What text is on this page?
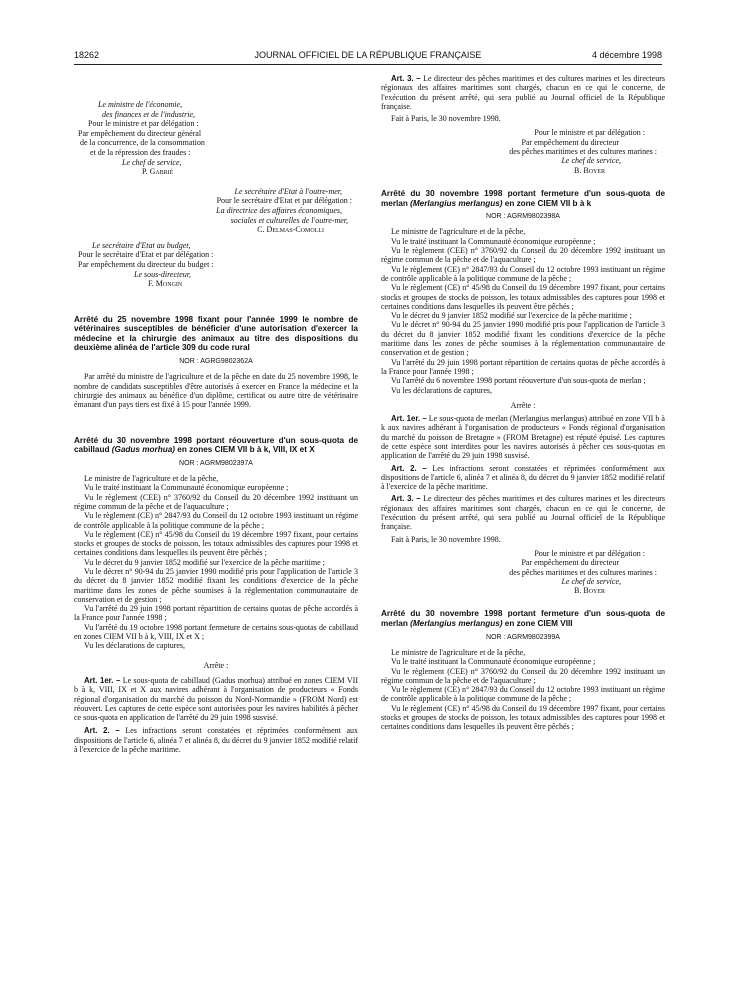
18262	JOURNAL OFFICIEL DE LA RÉPUBLIQUE FRANÇAISE	4 décembre 1998
Le ministre de l'économie,
des finances et de l'industrie,
Pour le ministre et par délégation :
Par empêchement du directeur général
de la concurrence, de la consommation
et de la répression des fraudes :
Le chef de service,
P. Gabrié
Le secrétaire d'Etat à l'outre-mer,
Pour le secrétaire d'Etat et par délégation :
La directrice des affaires économiques,
sociales et culturelles de l'outre-mer,
C. Delmas-Comolli
Le secrétaire d'Etat au budget,
Pour le secrétaire d'Etat et par délégation :
Par empêchement du directeur du budget :
Le sous-directeur,
F. Mongin

Arrêté du 25 novembre 1998 fixant pour l'année 1999 le nombre de vétérinaires susceptibles de bénéficier d'une autorisation d'exercer la médecine et la chirurgie des animaux au titre des dispositions du deuxième alinéa de l'article 309 du code rural

NOR : AGRG9802362A

Par arrêté du ministre de l'agriculture et de la pêche en date du 25 novembre 1998, le nombre de candidats susceptibles d'être autorisés à exercer en France la médecine et la chirurgie des animaux au bénéfice d'un diplôme, certificat ou autre titre de vétérinaire émanant d'un pays tiers est fixé à 15 pour l'année 1999.

Arrêté du 30 novembre 1998 portant réouverture d'un sous-quota de cabillaud (Gadus morhua) en zones CIEM VII b à k, VIII, IX et X

NOR : AGRM9802397A

Le ministre de l'agriculture et de la pêche,

Vu le traité instituant la Communauté économique européenne ;

Vu le règlement (CEE) n° 3760/92 du Conseil du 20 décembre 1992 instituant un régime commun de la pêche et de l'aquaculture ;

Vu le règlement (CE) n° 2847/93 du Conseil du 12 octobre 1993 instituant un régime de contrôle applicable à la politique commune de la pêche ;

Vu le règlement (CE) n° 45/98 du Conseil du 19 décembre 1997 fixant, pour certains stocks et groupes de stocks de poisson, les totaux admissibles des captures pour 1998 et certaines conditions dans lesquelles ils peuvent être pêchés ;

Vu le décret du 9 janvier 1852 modifié sur l'exercice de la pêche maritime ;

Vu le décret n° 90-94 du 25 janvier 1990 modifié pris pour l'application de l'article 3 du décret du 8 janvier 1852 modifié fixant les conditions d'exercice de la pêche maritime dans les zones de pêche soumises à la réglementation communautaire de conservation et de gestion ;

Vu l'arrêté du 29 juin 1998 portant répartition de certains quotas de pêche accordés à la France pour l'année 1998 ;

Vu l'arrêté du 19 octobre 1998 portant fermeture de certains sous-quotas de cabillaud en zones CIEM VII b à k, VIII, IX et X ;

Vu les déclarations de captures,

Arrête :

Art. 1er. – Le sous-quota de cabillaud (Gadus morhua) attribué en zones CIEM VII b à k, VIII, IX et X aux navires adhérant à l'organisation de producteurs « Fonds régional d'organisation du marché du poisson du Nord-Normandie » (FROM Nord) est réouvert. Les captures de cette espèce sont autorisées pour les navires habilités à pêcher ce sous-quota en application de l'arrêté du 29 juin 1998 susvisé.

Art. 2. – Les infractions seront constatées et réprimées conformément aux dispositions de l'article 6, alinéa 7 et alinéa 8, du décret du 9 janvier 1852 modifié relatif à l'exercice de la pêche maritime.

Art. 3. – Le directeur des pêches maritimes et des cultures marines et les directeurs régionaux des affaires maritimes sont chargés, chacun en ce qui le concerne, de l'exécution du présent arrêté, qui sera publié au Journal officiel de la République française.

Fait à Paris, le 30 novembre 1998.

Pour le ministre et par délégation :
Par empêchement du directeur
des pêches maritimes et des cultures marines :
Le chef de service,
B. Boyer

Arrêté du 30 novembre 1998 portant fermeture d'un sous-quota de merlan (Merlangius merlangus) en zone CIEM VII b à k

NOR : AGRM9802398A

Le ministre de l'agriculture et de la pêche,

Vu le traité instituant la Communauté économique européenne ;

Vu le règlement (CEE) n° 3760/92 du Conseil du 20 décembre 1992 instituant un régime commun de la pêche et de l'aquaculture ;

Vu le règlement (CE) n° 2847/93 du Conseil du 12 octobre 1993 instituant un régime de contrôle applicable à la politique commune de la pêche ;

Vu le règlement (CE) n° 45/98 du Conseil du 19 décembre 1997 fixant, pour certains stocks et groupes de stocks de poisson, les totaux admissibles des captures pour 1998 et certaines conditions dans lesquelles ils peuvent être pêchés ;

Vu le décret du 9 janvier 1852 modifié sur l'exercice de la pêche maritime ;

Vu le décret n° 90-94 du 25 janvier 1990 modifié pris pour l'application de l'article 3 du décret du 8 janvier 1852 modifié fixant les conditions d'exercice de la pêche maritime dans les zones de pêche soumises à la réglementation communautaire de conservation et de gestion ;

Vu l'arrêté du 29 juin 1998 portant répartition de certains quotas de pêche accordés à la France pour l'année 1998 ;

Vu l'arrêté du 6 novembre 1998 portant réouverture d'un sous-quota de merlan ;

Vu les déclarations de captures,

Arrête :

Art. 1er. – Le sous-quota de merlan (Merlangius merlangus) attribué en zone VII b à k aux navires adhérant à l'organisation de producteurs « Fonds régional d'organisation du marché du poisson de Bretagne » (FROM Bretagne) est réputé épuisé. Les captures de cette espèce sont interdites pour les navires autorisés à pêcher ces sous-quotas en application de l'arrêté du 29 juin 1998 susvisé.

Art. 2. – Les infractions seront constatées et réprimées conformément aux dispositions de l'article 6, alinéa 7 et alinéa 8, du décret du 9 janvier 1852 modifié relatif à l'exercice de la pêche maritime.

Art. 3. – Le directeur des pêches maritimes et des cultures marines et les directeurs régionaux des affaires maritimes sont chargés, chacun en ce qui le concerne, de l'exécution du présent arrêté, qui sera publié au Journal officiel de la République française.

Fait à Paris, le 30 novembre 1998.

Pour le ministre et par délégation :
Par empêchement du directeur
des pêches maritimes et des cultures marines :
Le chef de service,
B. Boyer

Arrêté du 30 novembre 1998 portant fermeture d'un sous-quota de merlan (Merlangius merlangus) en zone CIEM VIII

NOR : AGRM9802399A

Le ministre de l'agriculture et de la pêche,

Vu le traité instituant la Communauté économique européenne ;

Vu le règlement (CEE) n° 3760/92 du Conseil du 20 décembre 1992 instituant un régime commun de la pêche et de l'aquaculture ;

Vu le règlement (CE) n° 2847/93 du Conseil du 12 octobre 1993 instituant un régime de contrôle applicable à la politique commune de la pêche ;

Vu le règlement (CE) n° 45/98 du Conseil du 19 décembre 1997 fixant, pour certains stocks et groupes de stocks de poisson, les totaux admissibles des captures pour 1998 et certaines conditions dans lesquelles ils peuvent être pêchés ;
